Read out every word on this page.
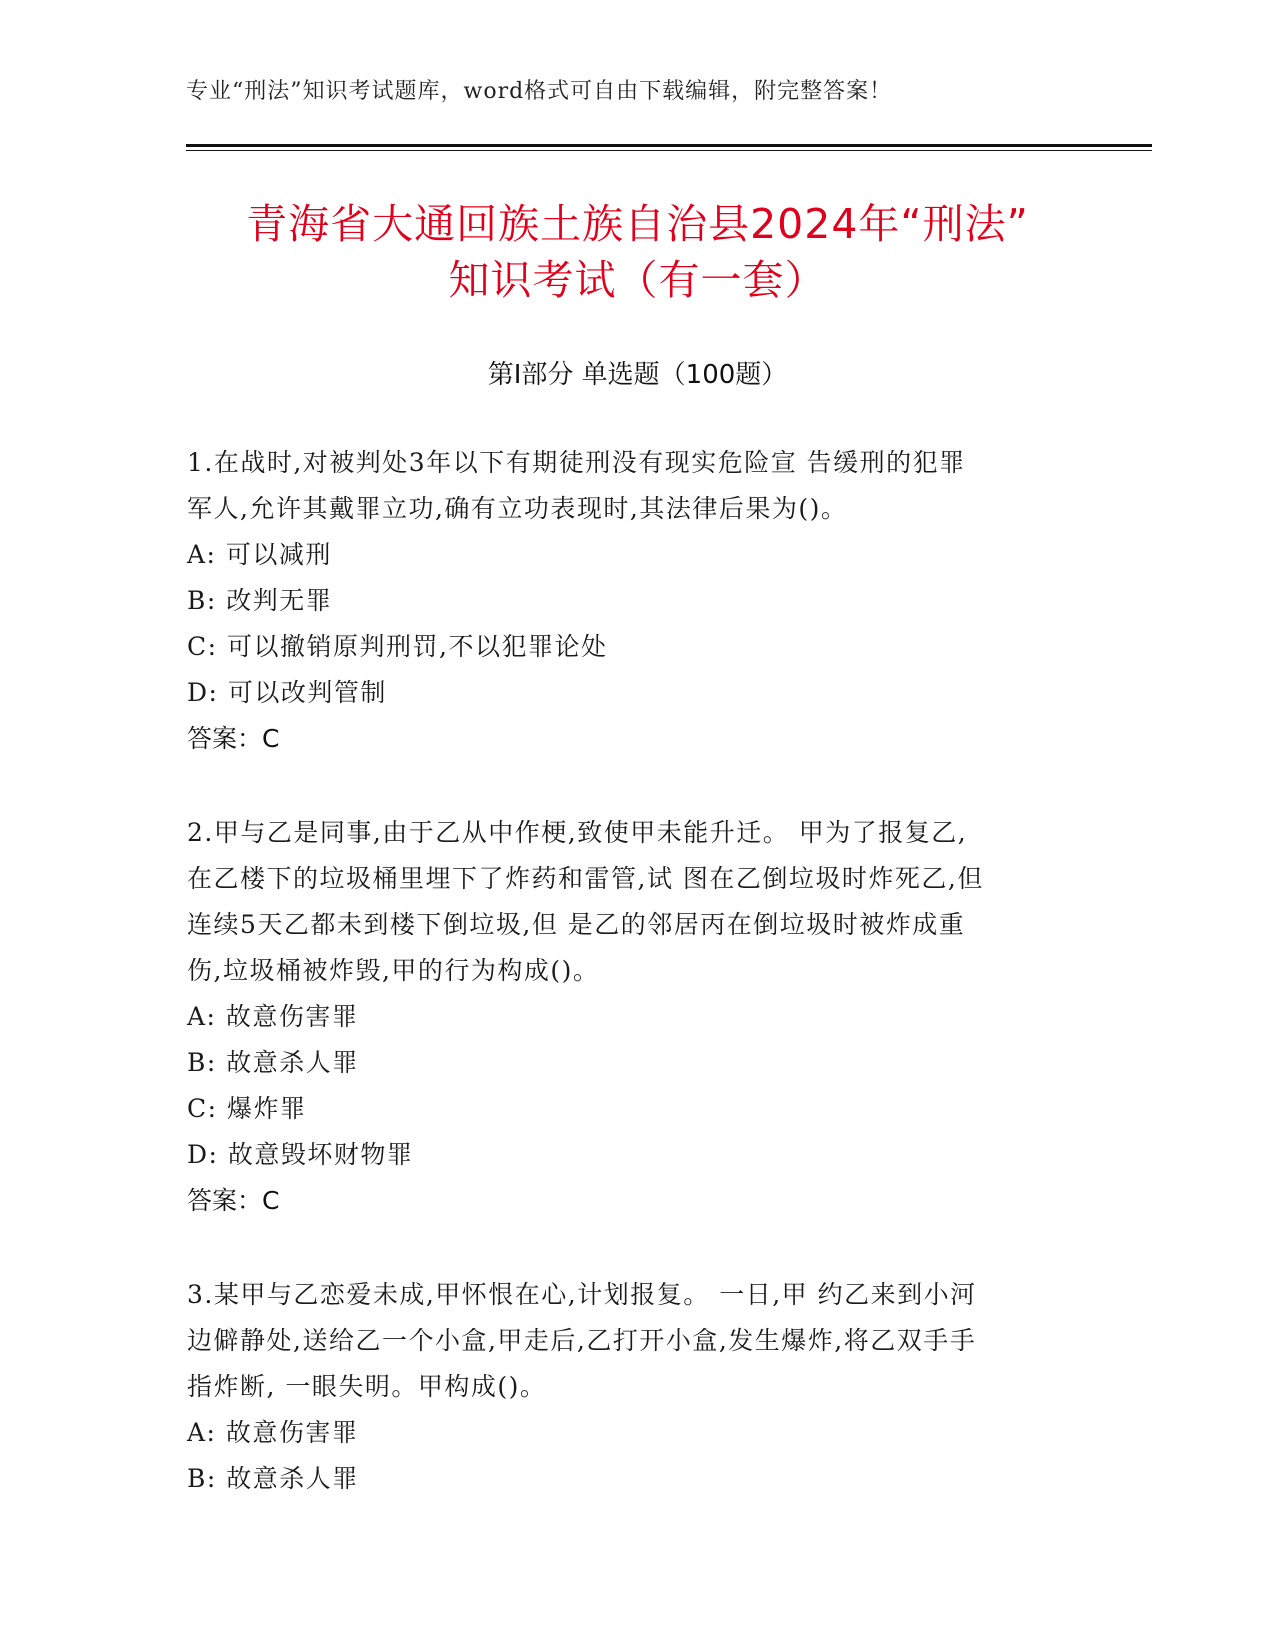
专业“刑法”知识考试题库，word格式可自由下载编辑，附完整答案！
青海省大通回族土族自治县2024年“刑法”
知识考试（有一套）
第Ⅰ部分 单选题（100题）
1.在战时,对被判处3年以下有期徒刑没有现实危险宣 告缓刑的犯罪
军人,允许其戴罪立功,确有立功表现时,其法律后果为()。
A: 可以减刑
B: 改判无罪
C: 可以撤销原判刑罚,不以犯罪论处
D: 可以改判管制
答案：C
2.甲与乙是同事,由于乙从中作梗,致使甲未能升迁。 甲为了报复乙,
在乙楼下的垃圾桶里埋下了炸药和雷管,试 图在乙倒垃圾时炸死乙,但
连续5天乙都未到楼下倒垃圾,但 是乙的邻居丙在倒垃圾时被炸成重
伤,垃圾桶被炸毁,甲的行为构成()。
A: 故意伤害罪
B: 故意杀人罪
C: 爆炸罪
D: 故意毁坏财物罪
答案：C
3.某甲与乙恋爱未成,甲怀恨在心,计划报复。 一日,甲 约乙来到小河
边僻静处,送给乙一个小盒,甲走后,乙打开小盒,发生爆炸,将乙双手手
指炸断, 一眼失明。甲构成()。
A: 故意伤害罪
B: 故意杀人罪
